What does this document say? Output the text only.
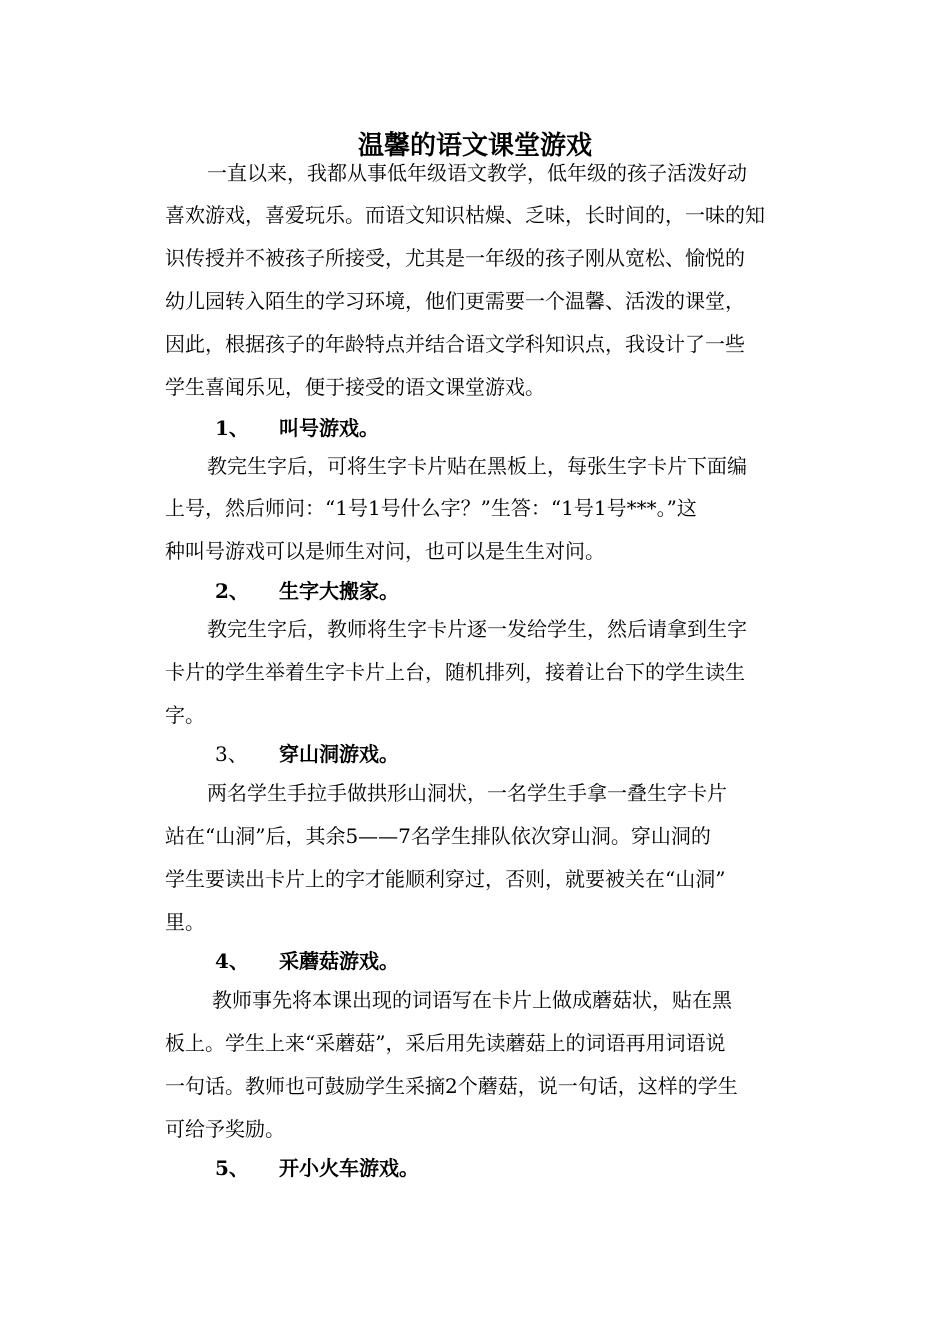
温馨的语文课堂游戏
一直以来，我都从事低年级语文教学，低年级的孩子活泼好动
喜欢游戏，喜爱玩乐。而语文知识枯燥、乏味，长时间的，一味的知
识传授并不被孩子所接受，尤其是一年级的孩子刚从宽松、愉悦的
幼儿园转入陌生的学习环境，他们更需要一个温馨、活泼的课堂，
因此，根据孩子的年龄特点并结合语文学科知识点，我设计了一些
学生喜闻乐见，便于接受的语文课堂游戏。
1、 叫号游戏。
教完生字后，可将生字卡片贴在黑板上，每张生字卡片下面编
上号，然后师问：“1号1号什么字？”生答：“1号1号***。”这
种叫号游戏可以是师生对问，也可以是生生对问。
2、 生字大搬家。
教完生字后，教师将生字卡片逐一发给学生，然后请拿到生字
卡片的学生举着生字卡片上台，随机排列，接着让台下的学生读生
字。
3、 穿山洞游戏。
两名学生手拉手做拱形山洞状，一名学生手拿一叠生字卡片
站在“山洞”后，其余5——7名学生排队依次穿山洞。穿山洞的
学生要读出卡片上的字才能顺利穿过，否则，就要被关在“山洞”
里。
4、 采蘑菇游戏。
教师事先将本课出现的词语写在卡片上做成蘑菇状，贴在黑
板上。学生上来“采蘑菇”，采后用先读蘑菇上的词语再用词语说
一句话。教师也可鼓励学生采摘2个蘑菇，说一句话，这样的学生
可给予奖励。
5、 开小火车游戏。
